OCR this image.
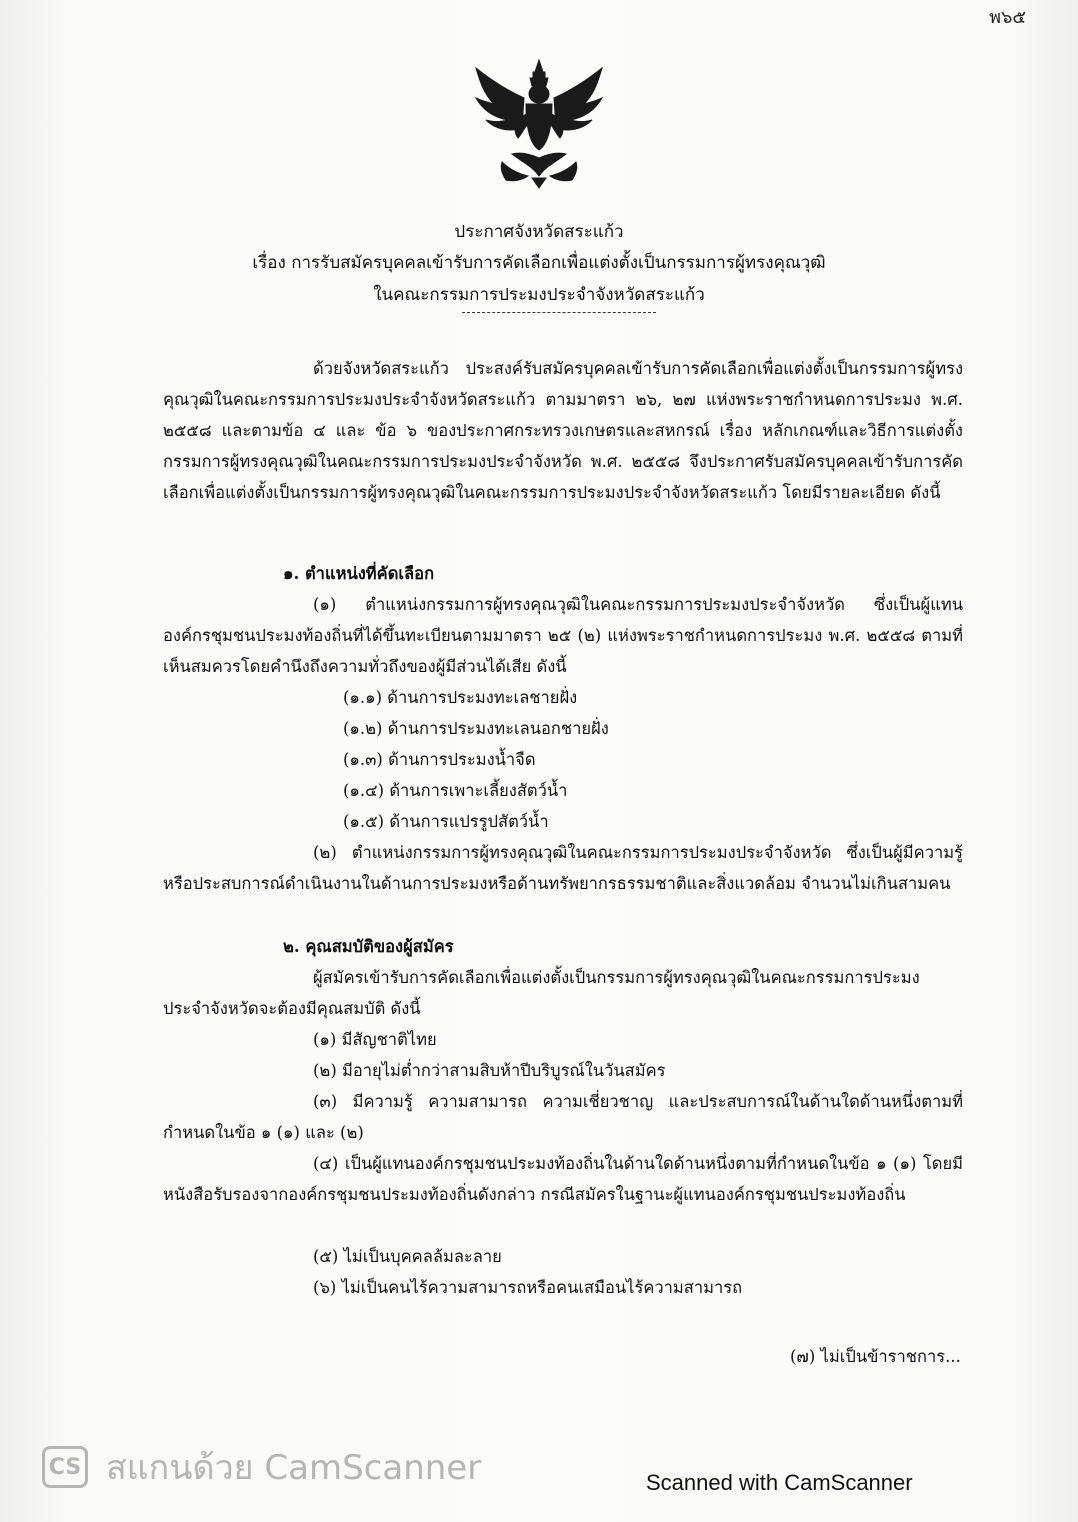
พ๖๕
ประกาศจังหวัดสระแก้ว
เรื่อง การรับสมัครบุคคลเข้ารับการคัดเลือกเพื่อแต่งตั้งเป็นกรรมการผู้ทรงคุณวุฒิ
ในคณะกรรมการประมงประจำจังหวัดสระแก้ว

ด้วยจังหวัดสระแก้ว ประสงค์รับสมัครบุคคลเข้ารับการคัดเลือกเพื่อแต่งตั้งเป็นกรรมการผู้ทรงคุณวุฒิในคณะกรรมการประมงประจำจังหวัดสระแก้ว ตามมาตรา ๒๖, ๒๗ แห่งพระราชกำหนดการประมง พ.ศ. ๒๕๕๘ และตามข้อ ๔ และ ข้อ ๖ ของประกาศกระทรวงเกษตรและสหกรณ์ เรื่อง หลักเกณฑ์และวิธีการแต่งตั้งกรรมการผู้ทรงคุณวุฒิในคณะกรรมการประมงประจำจังหวัด พ.ศ. ๒๕๕๘ จึงประกาศรับสมัครบุคคลเข้ารับการคัดเลือกเพื่อแต่งตั้งเป็นกรรมการผู้ทรงคุณวุฒิในคณะกรรมการประมงประจำจังหวัดสระแก้ว โดยมีรายละเอียด ดังนี้

๑. ตำแหน่งที่คัดเลือก

(๑) ตำแหน่งกรรมการผู้ทรงคุณวุฒิในคณะกรรมการประมงประจำจังหวัด ซึ่งเป็นผู้แทนองค์กรชุมชนประมงท้องถิ่นที่ได้ขึ้นทะเบียนตามมาตรา ๒๕ (๒) แห่งพระราชกำหนดการประมง พ.ศ. ๒๕๕๘ ตามที่เห็นสมควรโดยคำนึงถึงความทั่วถึงของผู้มีส่วนได้เสีย ดังนี้

(๑.๑) ด้านการประมงทะเลชายฝั่ง
(๑.๒) ด้านการประมงทะเลนอกชายฝั่ง
(๑.๓) ด้านการประมงน้ำจืด
(๑.๔) ด้านการเพาะเลี้ยงสัตว์น้ำ
(๑.๕) ด้านการแปรรูปสัตว์น้ำ

(๒) ตำแหน่งกรรมการผู้ทรงคุณวุฒิในคณะกรรมการประมงประจำจังหวัด ซึ่งเป็นผู้มีความรู้หรือประสบการณ์ดำเนินงานในด้านการประมงหรือด้านทรัพยากรธรรมชาติและสิ่งแวดล้อม จำนวนไม่เกินสามคน

๒. คุณสมบัติของผู้สมัคร

ผู้สมัครเข้ารับการคัดเลือกเพื่อแต่งตั้งเป็นกรรมการผู้ทรงคุณวุฒิในคณะกรรมการประมงประจำจังหวัดจะต้องมีคุณสมบัติ ดังนี้

(๑) มีสัญชาติไทย
(๒) มีอายุไม่ต่ำกว่าสามสิบห้าปีบริบูรณ์ในวันสมัคร

(๓) มีความรู้ ความสามารถ ความเชี่ยวชาญ และประสบการณ์ในด้านใดด้านหนึ่งตามที่กำหนดในข้อ ๑ (๑) และ (๒)

(๔) เป็นผู้แทนองค์กรชุมชนประมงท้องถิ่นในด้านใดด้านหนึ่งตามที่กำหนดในข้อ ๑ (๑) โดยมีหนังสือรับรองจากองค์กรชุมชนประมงท้องถิ่นดังกล่าว กรณีสมัครในฐานะผู้แทนองค์กรชุมชนประมงท้องถิ่น

(๕) ไม่เป็นบุคคลล้มละลาย
(๖) ไม่เป็นคนไร้ความสามารถหรือคนเสมือนไร้ความสามารถ
(๗) ไม่เป็นข้าราชการ...
CS สแกนด้วย CamScanner	Scanned with CamScanner
